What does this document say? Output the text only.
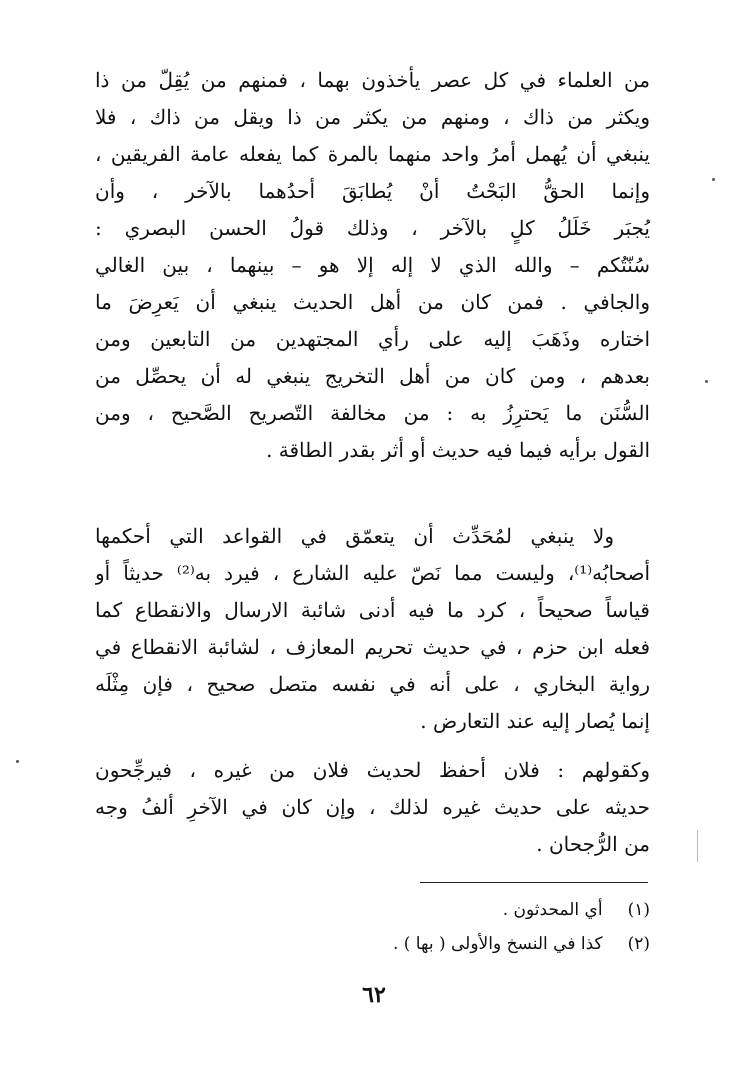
من العلماء في كل عصر يأخذون بهما ، فمنهم من يُقِلّ من ذا
ويكثر من ذاك ، ومنهم من يكثر من ذا ويقل من ذاك ، فلا
ينبغي أن يُهمل أمرُ واحد منهما بالمرة كما يفعله عامة الفريقين ،
وإنما الحقُّ البَحْتُ أنْ يُطابَقَ أحدُهما بالآخر ، وأن
يُجبَر خَلَلُ كلٍ بالآخر ، وذلك قولُ الحسن البصري :
سُنّتُكم – والله الذي لا إله إلا هو – بينهما ، بين الغالي
والجافي . فمن كان من أهل الحديث ينبغي أن يَعرِضَ ما
اختاره وذَهَبَ إليه على رأي المجتهدين من التابعين ومن
بعدهم ، ومن كان من أهل التخريج ينبغي له أن يحصِّل من
السُّنَن ما يَحترِزُ به : من مخالفة التّصريح الصَّحيح ، ومن
القول برأيه فيما فيه حديث أو أثر بقدر الطاقة .
ولا ينبغي لمُحَدِّث أن يتعمّق في القواعد التي أحكمها
أصحابُه⁽¹⁾، وليست مما نَصّ عليه الشارع ، فيرد به⁽²⁾ حديثاً أو
قياساً صحيحاً ، كرد ما فيه أدنى شائبة الارسال والانقطاع كما
فعله ابن حزم ، في حديث تحريم المعازف ، لشائبة الانقطاع في
رواية البخاري ، على أنه في نفسه متصل صحيح ، فإن مِثْلَه
إنما يُصار إليه عند التعارض .
وكقولهم : فلان أحفظ لحديث فلان من غيره ، فيرجِّحون
حديثه على حديث غيره لذلك ، وإن كان في الآخرِ ألفُ وجه
من الرُّجحان .
(١) أي المحدثون .
(٢) كذا في النسخ والأولى ( بها ) .
٦٢
